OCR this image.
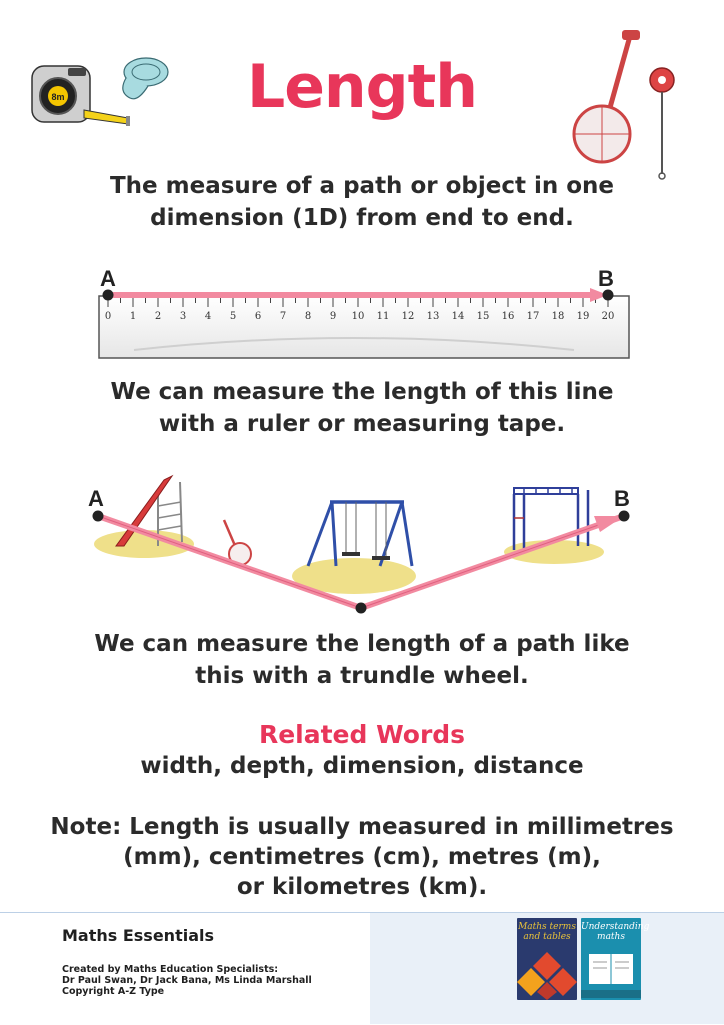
Length
8m
The measure of a path or object in one
dimension (1D) from end to end.
0 1 2 3 4 5 6 7 8 9 10 11 12 13 14 15 16 17 18 19 20
A	B
We can measure the length of this line
with a ruler or measuring tape.
A	B
We can measure the length of a path like
this with a trundle wheel.
Related Words
width, depth, dimension, distance
Note: Length is usually measured in millimetres
(mm), centimetres (cm), metres (m),
or kilometres (km).
Maths Essentials
Created by Maths Education Specialists:
Dr Paul Swan, Dr Jack Bana, Ms Linda Marshall
Copyright A-Z Type
Maths terms and tables
Understanding maths
